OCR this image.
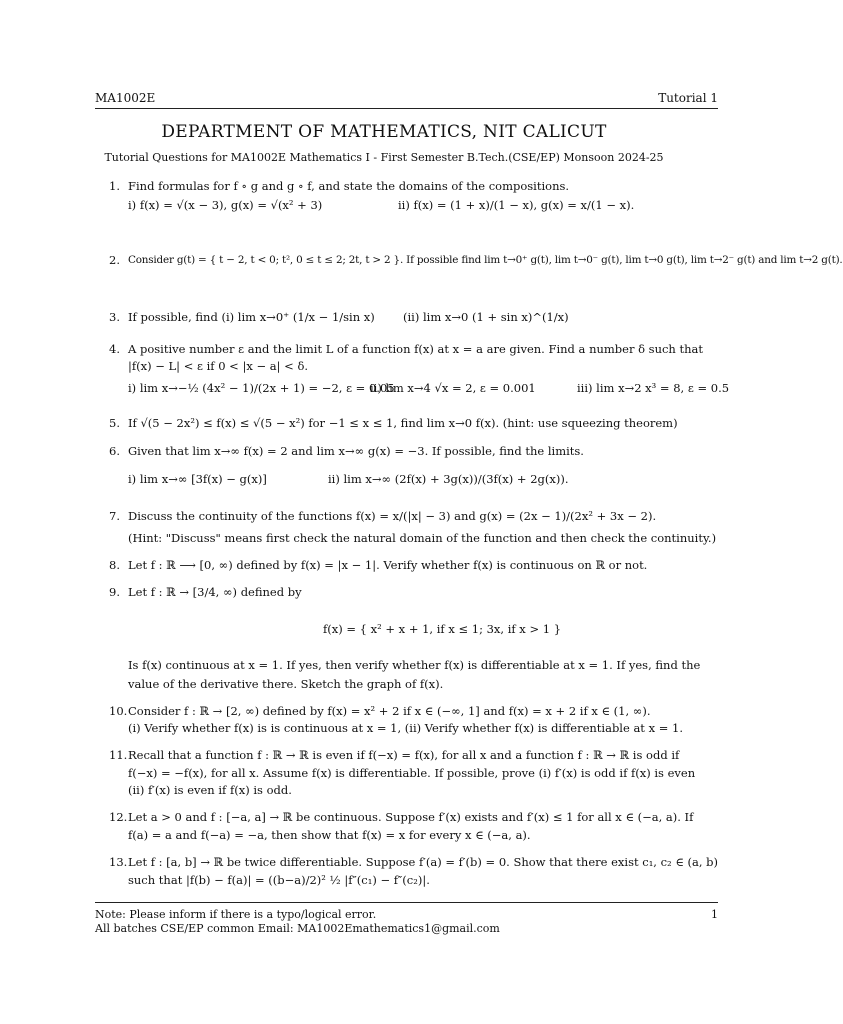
MA1002E	Tutorial 1
DEPARTMENT OF MATHEMATICS, NIT CALICUT
Tutorial Questions for MA1002E Mathematics I - First Semester B.Tech.(CSE/EP) Monsoon 2024-25
1. Find formulas for f ∘ g and g ∘ f, and state the domains of the compositions.
i) f(x) = √(x − 3), g(x) = √(x² + 3)	ii) f(x) = (1 + x)/(1 − x), g(x) = x/(1 − x).
2. Consider g(t) = { t − 2, t < 0; t², 0 ≤ t ≤ 2; 2t, t > 2 }. If possible find lim t→0⁺ g(t), lim t→0⁻ g(t), lim t→0 g(t), lim t→2⁻ g(t) and lim t→2 g(t).
3. If possible, find (i) lim x→0⁺ (1/x − 1/sin x) (ii) lim x→0 (1 + sin x)^(1/x)
4. A positive number ε and the limit L of a function f(x) at x = a are given. Find a number δ such that
|f(x) − L| < ε if 0 < |x − a| < δ.
i) lim x→−½ (4x² − 1)/(2x + 1) = −2, ε = 0.05
ii) lim x→4 √x = 2, ε = 0.001	iii) lim x→2 x³ = 8, ε = 0.5
5. If √(5 − 2x²) ≤ f(x) ≤ √(5 − x²) for −1 ≤ x ≤ 1, find lim x→0 f(x). (hint: use squeezing theorem)
6. Given that lim x→∞ f(x) = 2 and lim x→∞ g(x) = −3. If possible, find the limits.
i) lim x→∞ [3f(x) − g(x)]	ii) lim x→∞ (2f(x) + 3g(x))/(3f(x) + 2g(x)).
7. Discuss the continuity of the functions f(x) = x/(|x| − 3) and g(x) = (2x − 1)/(2x² + 3x − 2).
(Hint: "Discuss" means first check the natural domain of the function and then check the continuity.)
8. Let f : ℝ ⟶ [0, ∞) defined by f(x) = |x − 1|. Verify whether f(x) is continuous on ℝ or not.
9. Let f : ℝ → [3/4, ∞) defined by
f(x) = { x² + x + 1, if x ≤ 1; 3x, if x > 1 }
Is f(x) continuous at x = 1. If yes, then verify whether f(x) is differentiable at x = 1. If yes, find the
value of the derivative there. Sketch the graph of f(x).
10. Consider f : ℝ → [2, ∞) defined by f(x) = x² + 2 if x ∈ (−∞, 1] and f(x) = x + 2 if x ∈ (1, ∞).
(i) Verify whether f(x) is is continuous at x = 1, (ii) Verify whether f(x) is differentiable at x = 1.
11. Recall that a function f : ℝ → ℝ is even if f(−x) = f(x), for all x and a function f : ℝ → ℝ is odd if
f(−x) = −f(x), for all x. Assume f(x) is differentiable. If possible, prove (i) f′(x) is odd if f(x) is even
(ii) f′(x) is even if f(x) is odd.
12. Let a > 0 and f : [−a, a] → ℝ be continuous. Suppose f′(x) exists and f′(x) ≤ 1 for all x ∈ (−a, a). If
f(a) = a and f(−a) = −a, then show that f(x) = x for every x ∈ (−a, a).
13. Let f : [a, b] → ℝ be twice differentiable. Suppose f′(a) = f′(b) = 0. Show that there exist c₁, c₂ ∈ (a, b)
such that |f(b) − f(a)| = ((b−a)/2)² ½ |f″(c₁) − f″(c₂)|.
Note: Please inform if there is a typo/logical error.
All batches CSE/EP common Email: MA1002Emathematics1@gmail.com
1
